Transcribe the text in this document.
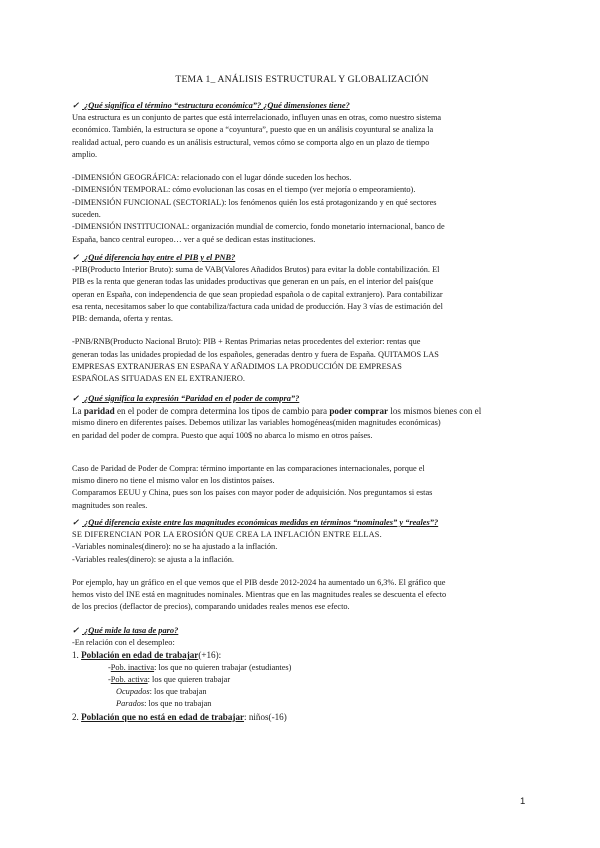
TEMA 1_ ANÁLISIS ESTRUCTURAL Y GLOBALIZACIÓN
✓ ¿Qué significa el término “estructura económica”? ¿Qué dimensiones tiene?
Una estructura es un conjunto de partes que está interrelacionado, influyen unas en otras, como nuestro sistema
económico. También, la estructura se opone a “coyuntura”, puesto que en un análisis coyuntural se analiza la
realidad actual, pero cuando es un análisis estructural, vemos cómo se comporta algo en un plazo de tiempo
amplio.
-DIMENSIÓN GEOGRÁFICA: relacionado con el lugar dónde suceden los hechos.
-DIMENSIÓN TEMPORAL: cómo evolucionan las cosas en el tiempo (ver mejoría o empeoramiento).
-DIMENSIÓN FUNCIONAL (SECTORIAL): los fenómenos quién los está protagonizando y en qué sectores
suceden.
-DIMENSIÓN INSTITUCIONAL: organización mundial de comercio, fondo monetario internacional, banco de
España, banco central europeo… ver a qué se dedican estas instituciones.
✓ ¿Qué diferencia hay entre el PIB y el PNB?
-PIB(Producto Interior Bruto): suma de VAB(Valores Añadidos Brutos) para evitar la doble contabilización. El
PIB es la renta que generan todas las unidades productivas que generan en un país, en el interior del país(que
operan en España, con independencia de que sean propiedad española o de capital extranjero). Para contabilizar
esa renta, necesitamos saber lo que contabiliza/factura cada unidad de producción. Hay 3 vías de estimación del
PIB: demanda, oferta y rentas.
-PNB/RNB(Producto Nacional Bruto): PIB + Rentas Primarias netas procedentes del exterior: rentas que
generan todas las unidades propiedad de los españoles, generadas dentro y fuera de España. QUITAMOS LAS
EMPRESAS EXTRANJERAS EN ESPAÑA Y AÑADIMOS LA PRODUCCIÓN DE EMPRESAS
ESPAÑOLAS SITUADAS EN EL EXTRANJERO.
✓ ¿Qué significa la expresión “Paridad en el poder de compra”?
La paridad en el poder de compra determina los tipos de cambio para poder comprar los mismos bienes con el
mismo dinero en diferentes países. Debemos utilizar las variables homogéneas(miden magnitudes económicas)
en paridad del poder de compra. Puesto que aquí 100$ no abarca lo mismo en otros países.
Caso de Paridad de Poder de Compra: término importante en las comparaciones internacionales, porque el
mismo dinero no tiene el mismo valor en los distintos países.
Comparamos EEUU y China, pues son los países con mayor poder de adquisición. Nos preguntamos si estas
magnitudes son reales.
✓ ¿Qué diferencia existe entre las magnitudes económicas medidas en términos “nominales” y “reales”?
SE DIFERENCIAN POR LA EROSIÓN QUE CREA LA INFLACIÓN ENTRE ELLAS.
-Variables nominales(dinero): no se ha ajustado a la inflación.
-Variables reales(dinero): se ajusta a la inflación.
Por ejemplo, hay un gráfico en el que vemos que el PIB desde 2012-2024 ha aumentado un 6,3%. El gráfico que
hemos visto del INE está en magnitudes nominales. Mientras que en las magnitudes reales se descuenta el efecto
de los precios (deflactor de precios), comparando unidades reales menos ese efecto.
✓ ¿Qué mide la tasa de paro?
-En relación con el desempleo:
1. Población en edad de trabajar(+16):
-Pob. inactiva: los que no quieren trabajar (estudiantes)
-Pob. activa: los que quieren trabajar
Ocupados: los que trabajan
Parados: los que no trabajan
2. Población que no está en edad de trabajar: niños(-16)
1
